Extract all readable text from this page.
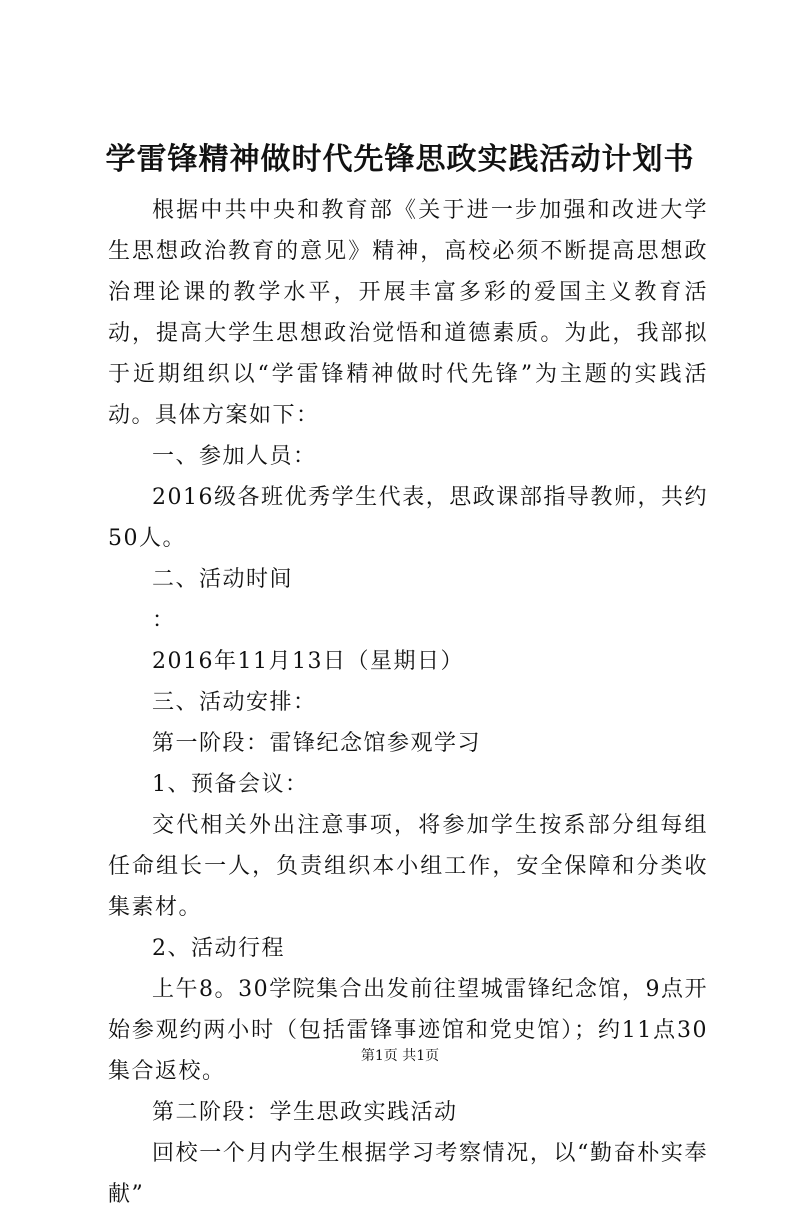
学雷锋精神做时代先锋思政实践活动计划书

根据中共中央和教育部《关于进一步加强和改进大学生思想政治教育的意见》精神，高校必须不断提高思想政治理论课的教学水平，开展丰富多彩的爱国主义教育活动，提高大学生思想政治觉悟和道德素质。为此，我部拟于近期组织以“学雷锋精神做时代先锋”为主题的实践活动。具体方案如下：

一、参加人员：

2016级各班优秀学生代表，思政课部指导教师，共约50人。

二、活动时间

：

2016年11月13日（星期日）

三、活动安排：

第一阶段：雷锋纪念馆参观学习

1、预备会议：

交代相关外出注意事项，将参加学生按系部分组每组任命组长一人，负责组织本小组工作，安全保障和分类收集素材。

2、活动行程

上午8。30学院集合出发前往望城雷锋纪念馆，9点开始参观约两小时（包括雷锋事迹馆和党史馆）；约11点30集合返校。

第二阶段：学生思政实践活动

回校一个月内学生根据学习考察情况，以“勤奋朴实奉献”

第1页 共1页
